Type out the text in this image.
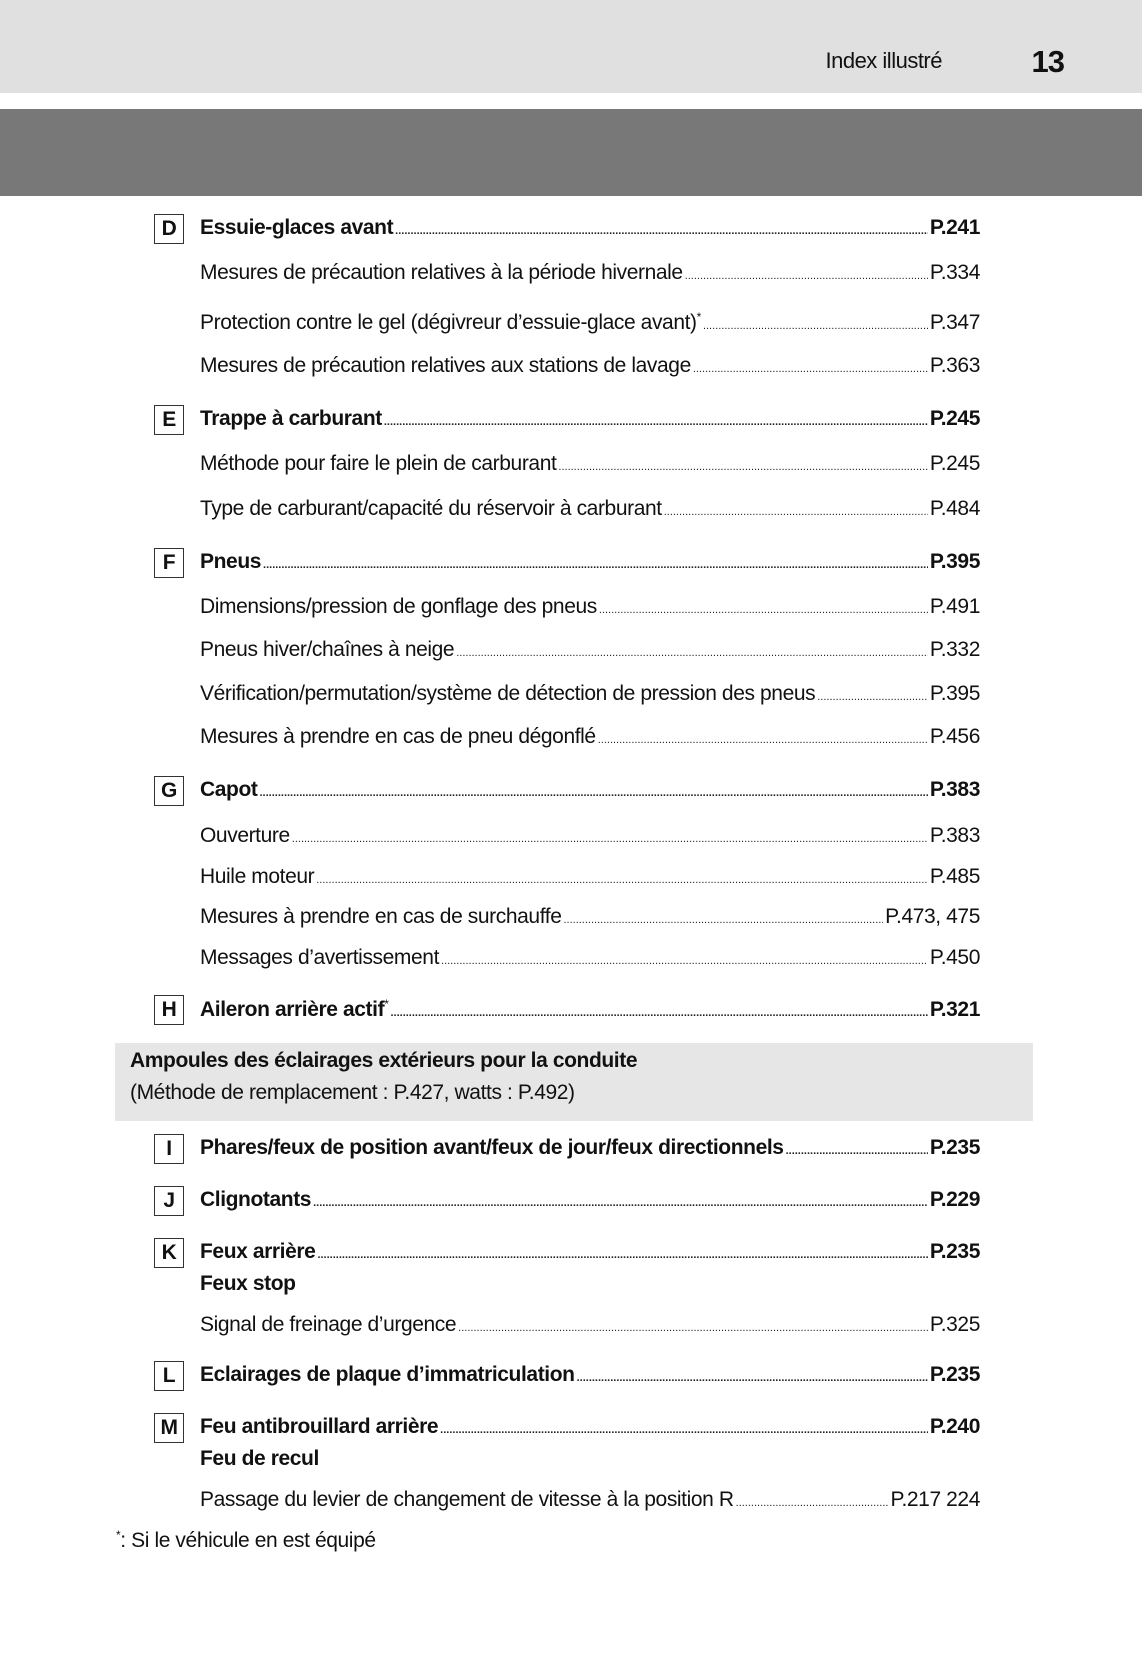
Index illustré	13
D	Essuie-glaces avant .....	P.241
Mesures de précaution relatives à la période hivernale .....	P.334
Protection contre le gel (dégivreur d’essuie-glace avant)* .....	P.347
Mesures de précaution relatives aux stations de lavage .....	P.363
E	Trappe à carburant .....	P.245
Méthode pour faire le plein de carburant .....	P.245
Type de carburant/capacité du réservoir à carburant .....	P.484
F	Pneus .....	P.395
Dimensions/pression de gonflage des pneus .....	P.491
Pneus hiver/chaînes à neige .....	P.332
Vérification/permutation/système de détection de pression des pneus .....	P.395
Mesures à prendre en cas de pneu dégonflé .....	P.456
G	Capot .....	P.383
Ouverture .....	P.383
Huile moteur .....	P.485
Mesures à prendre en cas de surchauffe .....	P.473, 475
Messages d’avertissement .....	P.450
H	Aileron arrière actif* .....	P.321
I	Phares/feux de position avant/feux de jour/feux directionnels .....	P.235
J	Clignotants .....	P.229
K	Feux arrière .....	P.235
Feux stop
Signal de freinage d’urgence .....	P.325
L	Eclairages de plaque d’immatriculation .....	P.235
M	Feu antibrouillard arrière .....	P.240
Feu de recul
Passage du levier de changement de vitesse à la position R .....	P.217 224
Ampoules des éclairages extérieurs pour la conduite
(Méthode de remplacement : P.427, watts : P.492)
*: Si le véhicule en est équipé
